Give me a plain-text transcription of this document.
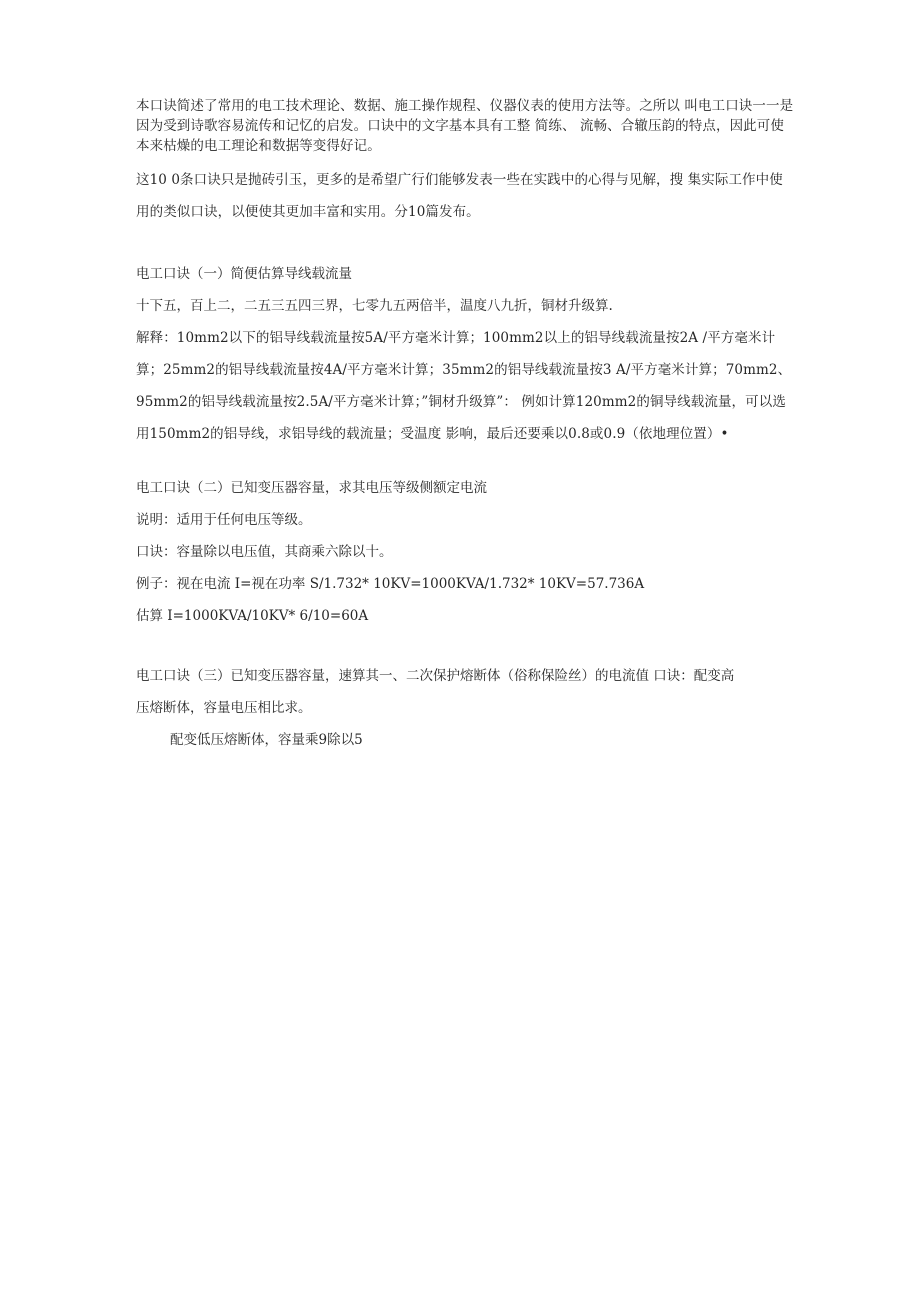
本口诀简述了常用的电工技术理论、数据、施工操作规程、仪器仪表的使用方法等。之所以 叫电工口诀一一是因为受到诗歌容易流传和记忆的启发。口诀中的文字基本具有工整 简练、 流畅、合辙压韵的特点，因此可使本来枯燥的电工理论和数据等变得好记。

这10 0条口诀只是抛砖引玉，更多的是希望广行们能够发表一些在实践中的心得与见解，搜 集实际工作中使用的类似口诀，以便使其更加丰富和实用。分10篇发布。

电工口诀（一）简便估算导线载流量

十下五，百上二，二五三五四三界，七零九五两倍半，温度八九折，铜材升级算.

解释：10mm2以下的铝导线载流量按5A/平方毫米计算；100mm2以上的铝导线载流量按2A /平方毫米计算；25mm2的铝导线载流量按4A/平方毫米计算；35mm2的铝导线载流量按3 A/平方毫米计算；70mm2、95mm2的铝导线载流量按2.5A/平方毫米计算；”铜材升级算”： 例如计算120mm2的铜导线载流量，可以选用150mm2的铝导线，求铝导线的载流量；受温度 影响，最后还要乘以0.8或0.9（依地理位置）•

电工口诀（二）已知变压器容量，求其电压等级侧额定电流

说明：适用于任何电压等级。

口诀：容量除以电压值，其商乘六除以十。

例子：视在电流 I=视在功率 S/1.732* 10KV=1000KVA/1.732* 10KV=57.736A

估算 I=1000KVA/10KV* 6/10=60A

电工口诀（三）已知变压器容量，速算其一、二次保护熔断体（俗称保险丝）的电流值 口诀：配变高

压熔断体，容量电压相比求。

配变低压熔断体，容量乘9除以5
